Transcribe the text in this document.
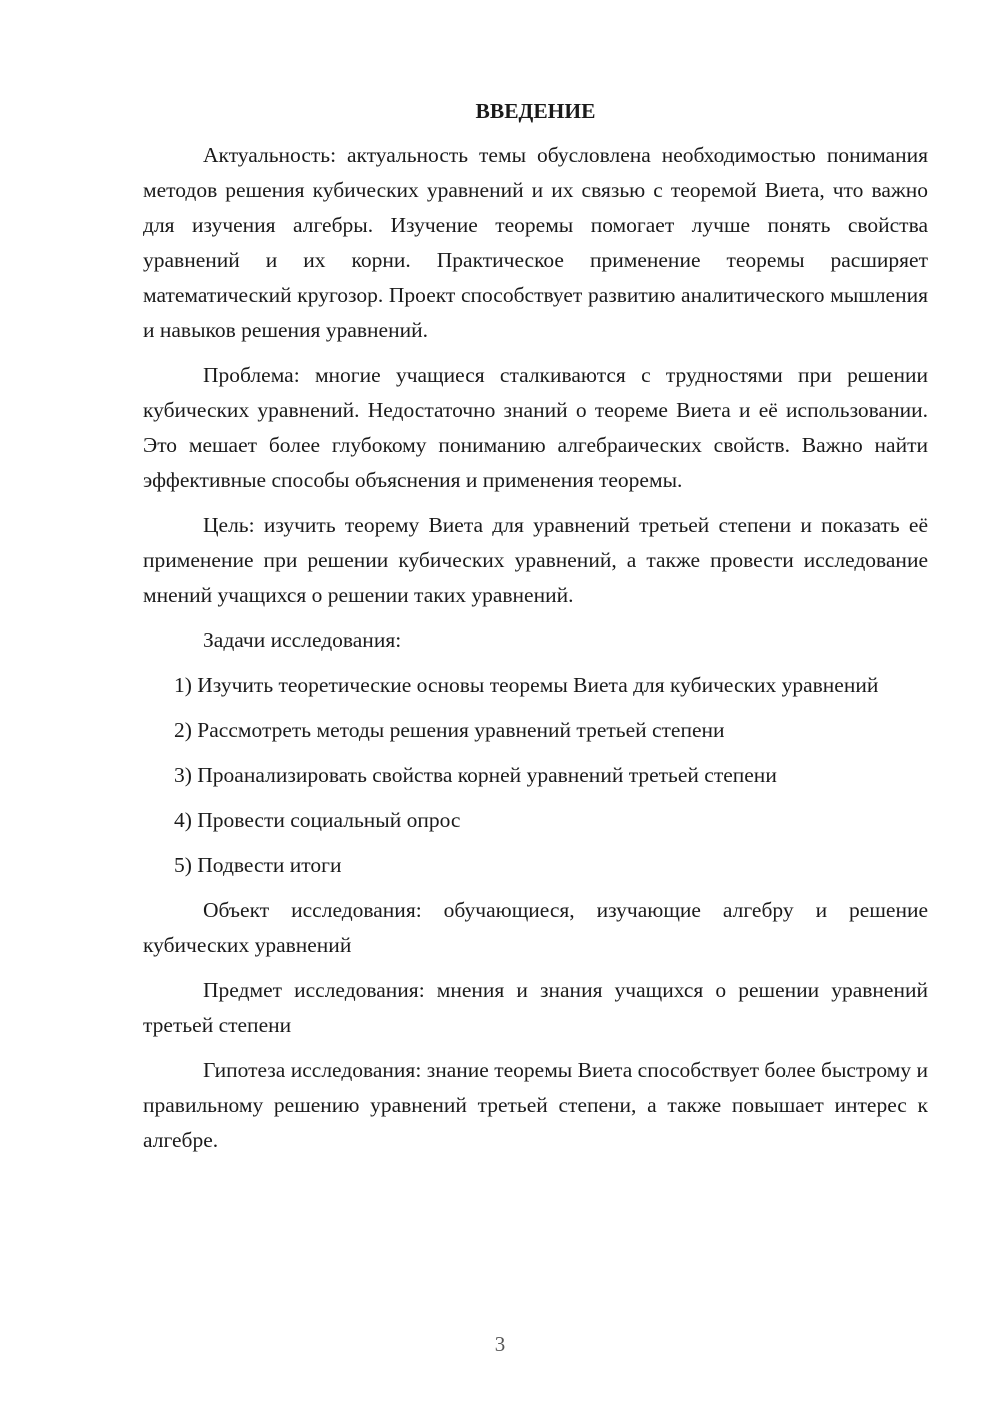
ВВЕДЕНИЕ

Актуальность: актуальность темы обусловлена необходимостью понимания методов решения кубических уравнений и их связью с теоремой Виета, что важно для изучения алгебры. Изучение теоремы помогает лучше понять свойства уравнений и их корни. Практическое применение теоремы расширяет математический кругозор. Проект способствует развитию аналитического мышления и навыков решения уравнений.

Проблема: многие учащиеся сталкиваются с трудностями при решении кубических уравнений. Недостаточно знаний о теореме Виета и её использовании. Это мешает более глубокому пониманию алгебраических свойств. Важно найти эффективные способы объяснения и применения теоремы.

Цель: изучить теорему Виета для уравнений третьей степени и показать её применение при решении кубических уравнений, а также провести исследование мнений учащихся о решении таких уравнений.

Задачи исследования:

1) Изучить теоретические основы теоремы Виета для кубических уравнений

2) Рассмотреть методы решения уравнений третьей степени

3) Проанализировать свойства корней уравнений третьей степени

4) Провести социальный опрос

5) Подвести итоги

Объект исследования: обучающиеся, изучающие алгебру и решение кубических уравнений

Предмет исследования: мнения и знания учащихся о решении уравнений третьей степени

Гипотеза исследования: знание теоремы Виета способствует более быстрому и правильному решению уравнений третьей степени, а также повышает интерес к алгебре.

3
